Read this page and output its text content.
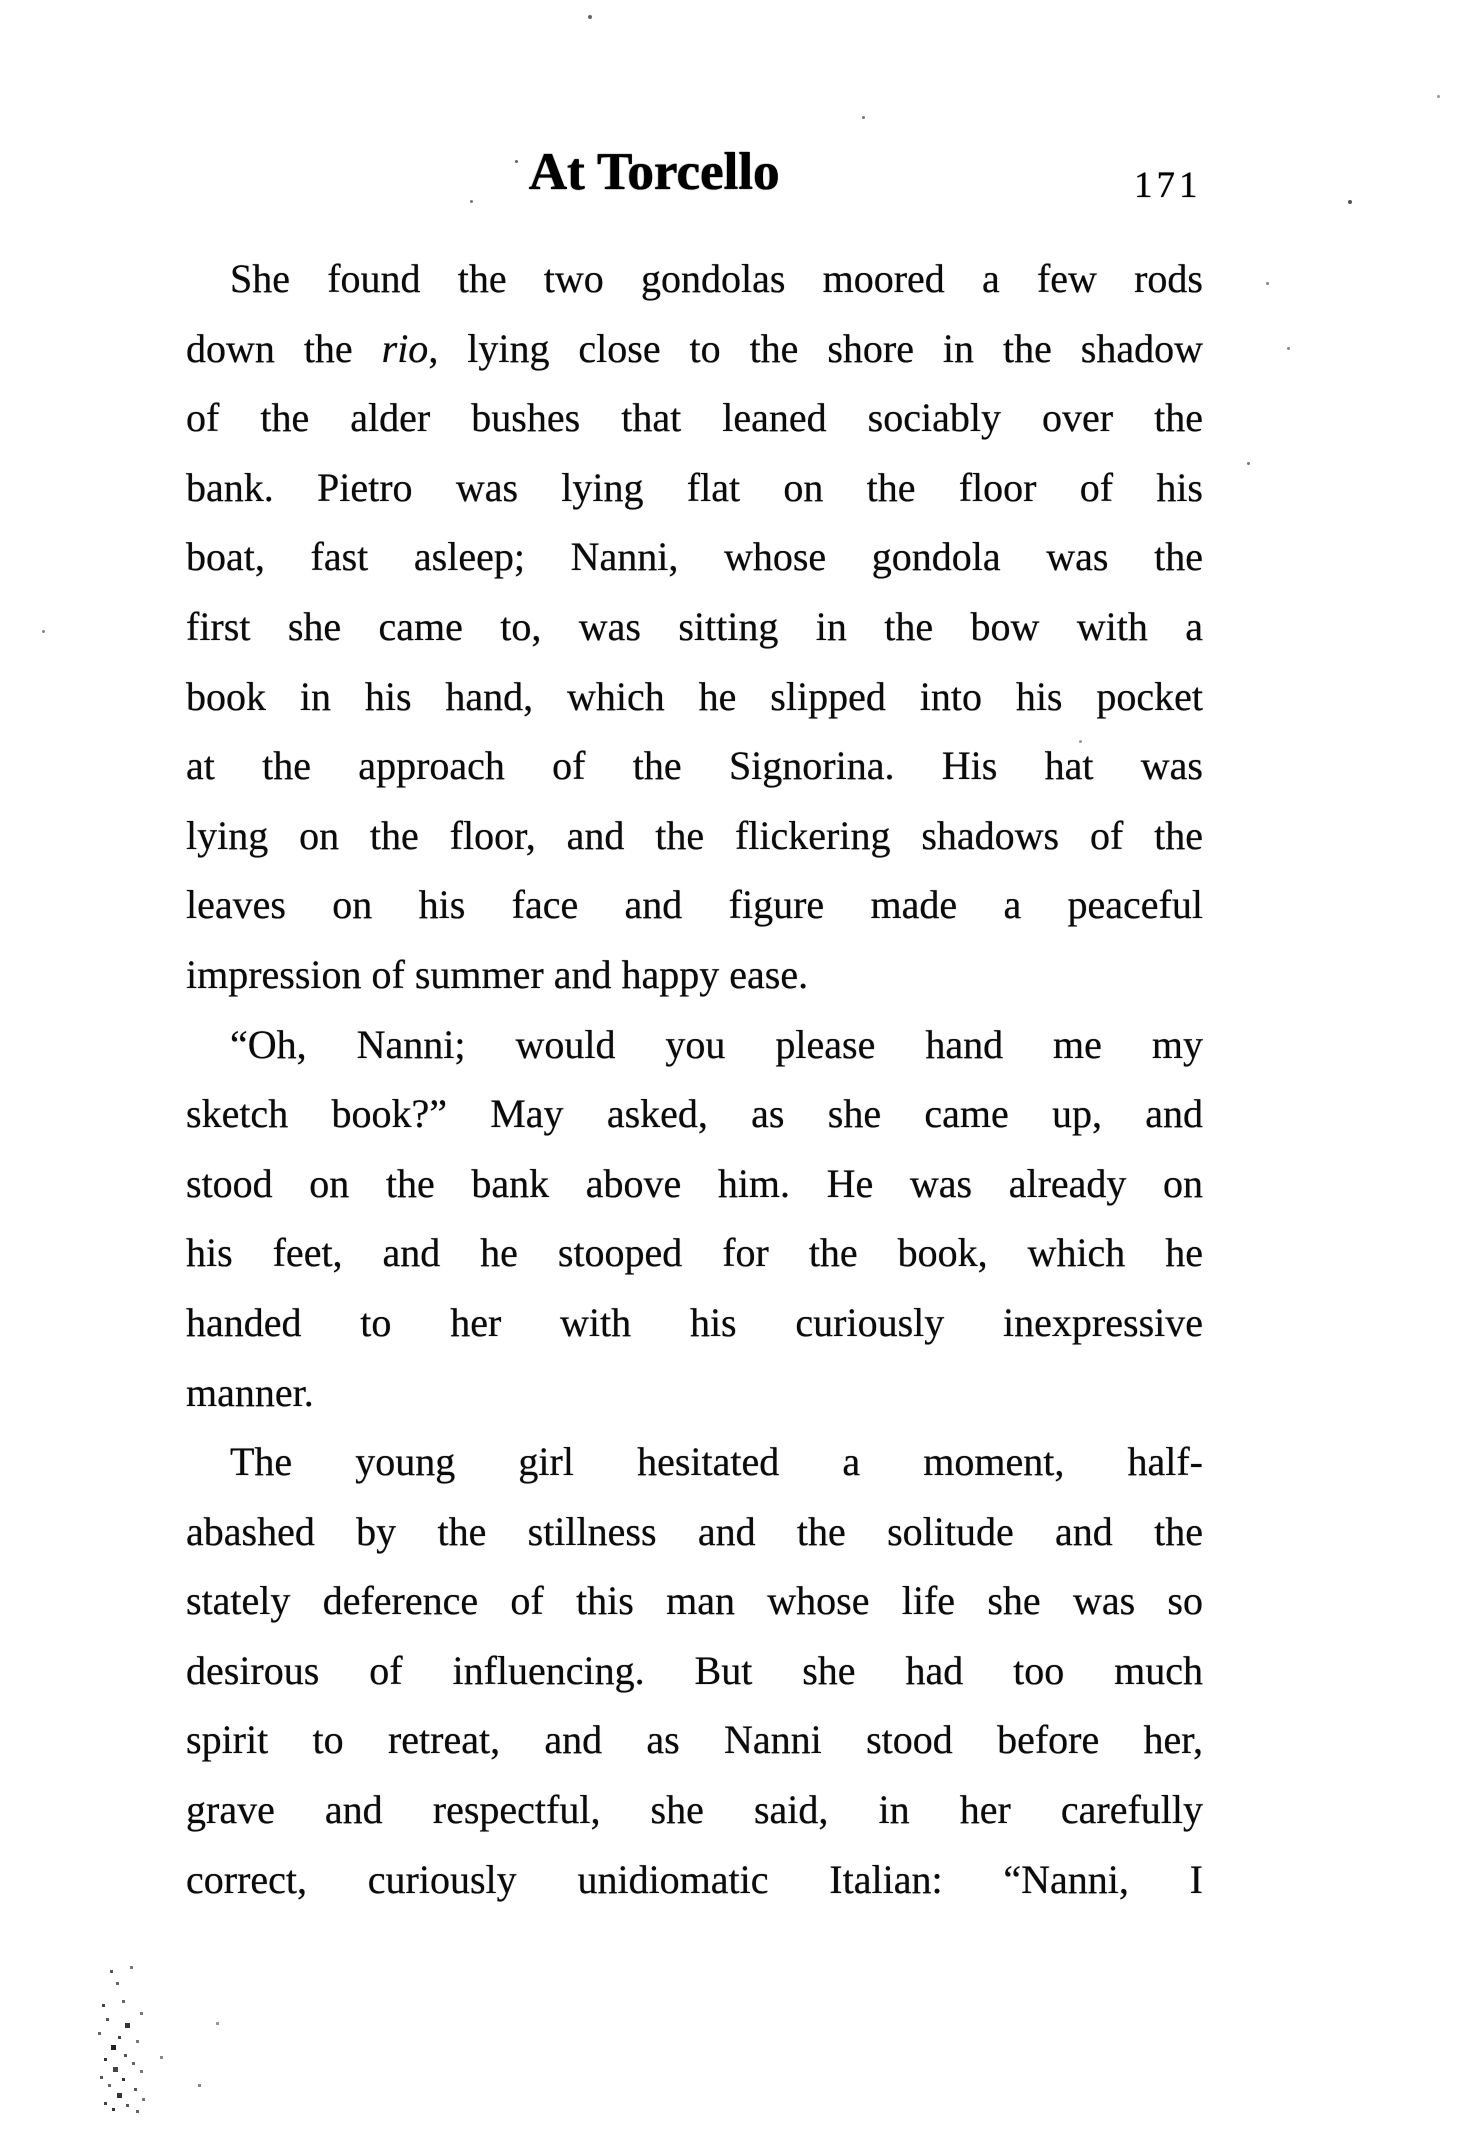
At Torcello	171
She found the two gondolas moored a few rods
down the rio, lying close to the shore in the shadow
of the alder bushes that leaned sociably over the
bank. Pietro was lying flat on the floor of his
boat, fast asleep; Nanni, whose gondola was the
first she came to, was sitting in the bow with a
book in his hand, which he slipped into his pocket
at the approach of the Signorina. His hat was
lying on the floor, and the flickering shadows of the
leaves on his face and figure made a peaceful
impression of summer and happy ease.
“Oh, Nanni; would you please hand me my
sketch book?” May asked, as she came up, and
stood on the bank above him. He was already on
his feet, and he stooped for the book, which he
handed to her with his curiously inexpressive
manner.
The young girl hesitated a moment, half-
abashed by the stillness and the solitude and the
stately deference of this man whose life she was so
desirous of influencing. But she had too much
spirit to retreat, and as Nanni stood before her,
grave and respectful, she said, in her carefully
correct, curiously unidiomatic Italian: “Nanni, I
